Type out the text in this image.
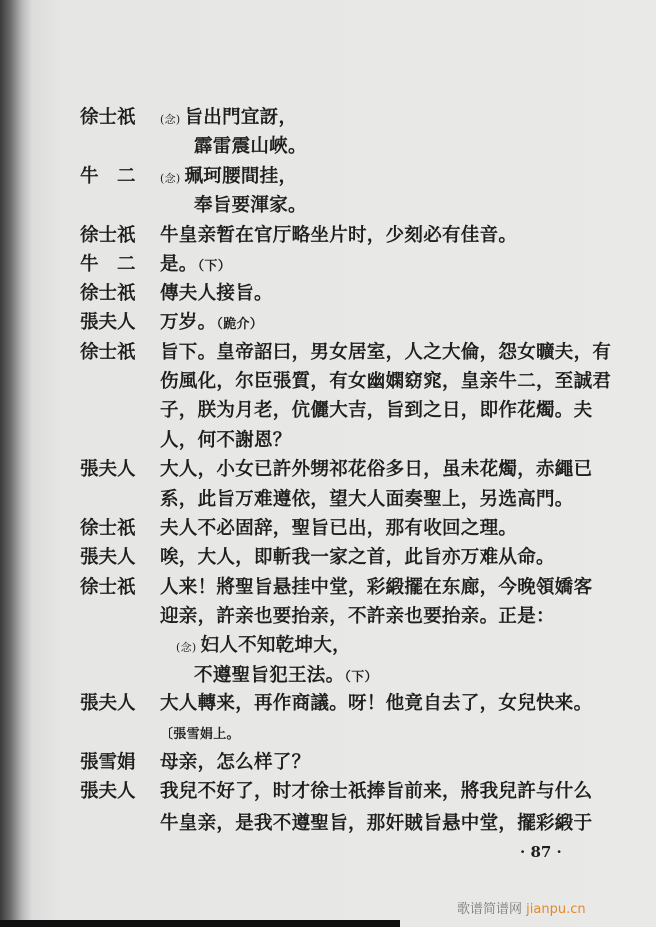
徐士祇	(念) 旨出門宜訝，
霹雷震山峽。
牛　二	(念) 珮珂腰間挂，
奉旨要渾家。
徐士祇	牛皇亲暂在官厅略坐片时，少刻必有佳音。
牛　二	是。（下）
徐士祇	傳夫人接旨。
張夫人	万岁。（跪介）
徐士祇	旨下。皇帝詔曰，男女居室，人之大倫，怨女曠夫，有
伤風化，尔臣張質，有女幽嫻窈窕，皇亲牛二，至誠君
子，朕为月老，伉儷大吉，旨到之日，即作花燭。夫
人，何不謝恩？
張夫人	大人，小女已許外甥祁花俗多日，虽未花燭，赤繩已
系，此旨万难遵依，望大人面奏聖上，另选高門。
徐士祇	夫人不必固辞，聖旨已出，那有收回之理。
張夫人	唉，大人，即斬我一家之首，此旨亦万难从命。
徐士祇	人来！將聖旨悬挂中堂，彩緞擺在东廊，今晚領嬌客
迎亲，許亲也要抬亲，不許亲也要抬亲。正是：
(念) 妇人不知乾坤大，
不遵聖旨犯王法。（下）
張夫人	大人轉来，再作商議。呀！他竟自去了，女兒快来。
〔張雪娟上。
張雪娟	母亲，怎么样了？
張夫人	我兒不好了，时才徐士祇捧旨前来，將我兒許与什么
牛皇亲，是我不遵聖旨，那奸賊旨悬中堂，擺彩緞于
· 87 ·
歌谱简谱网 jianpu.cn
